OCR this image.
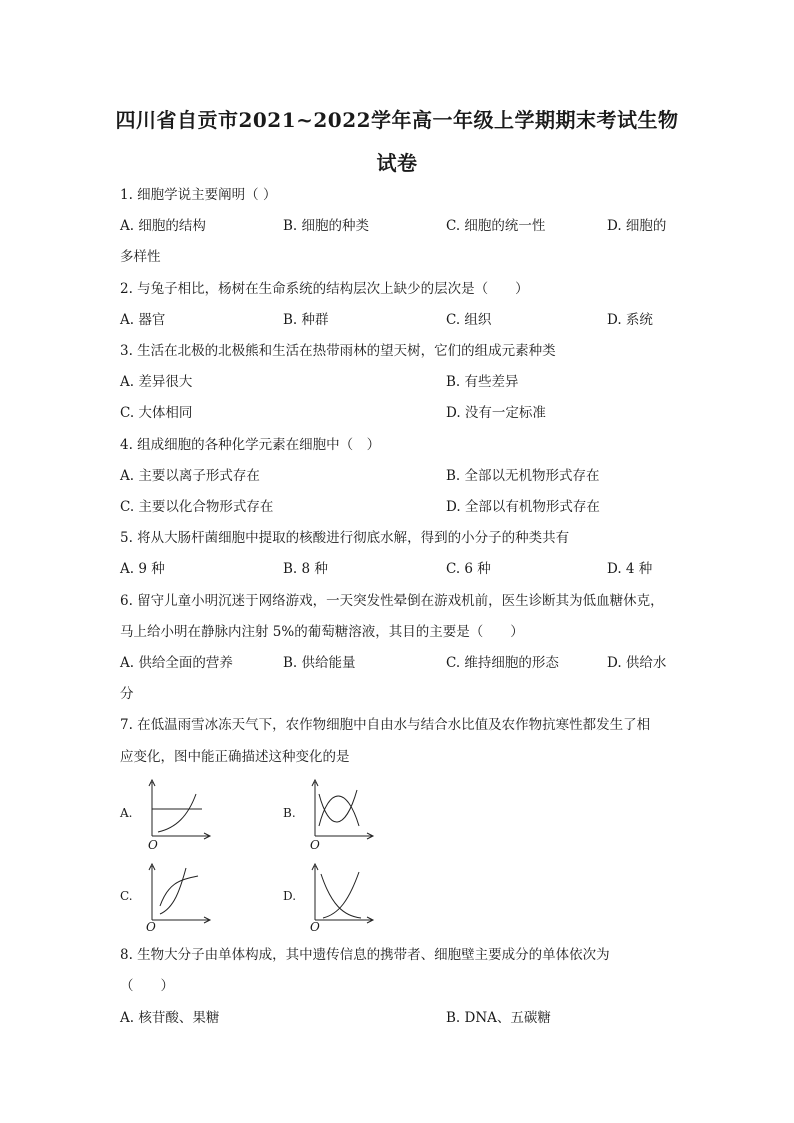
四川省自贡市2021~2022学年高一年级上学期期末考试生物
试卷
1. 细胞学说主要阐明（ ）
A. 细胞的结构	B. 细胞的种类	C. 细胞的统一性	D. 细胞的
多样性
2. 与兔子相比，杨树在生命系统的结构层次上缺少的层次是（　　）
A. 器官	B. 种群	C. 组织	D. 系统
3. 生活在北极的北极熊和生活在热带雨林的望天树，它们的组成元素种类
A. 差异很大	B. 有些差异
C. 大体相同	D. 没有一定标准
4. 组成细胞的各种化学元素在细胞中（　）
A. 主要以离子形式存在	B. 全部以无机物形式存在
C. 主要以化合物形式存在	D. 全部以有机物形式存在
5. 将从大肠杆菌细胞中提取的核酸进行彻底水解，得到的小分子的种类共有
A. 9 种	B. 8 种	C. 6 种	D. 4 种
6. 留守儿童小明沉迷于网络游戏，一天突发性晕倒在游戏机前，医生诊断其为低血糖休克，
马上给小明在静脉内注射 5%的葡萄糖溶液，其目的主要是（　　）
A. 供给全面的营养	B. 供给能量	C. 维持细胞的形态	D. 供给水
分
7. 在低温雨雪冰冻天气下，农作物细胞中自由水与结合水比值及农作物抗寒性都发生了相
应变化，图中能正确描述这种变化的是
A.
O
B.
O
C.
O
D.
O
8. 生物大分子由单体构成，其中遗传信息的携带者、细胞壁主要成分的单体依次为
（　　）
A. 核苷酸、果糖	B. DNA、五碳糖
